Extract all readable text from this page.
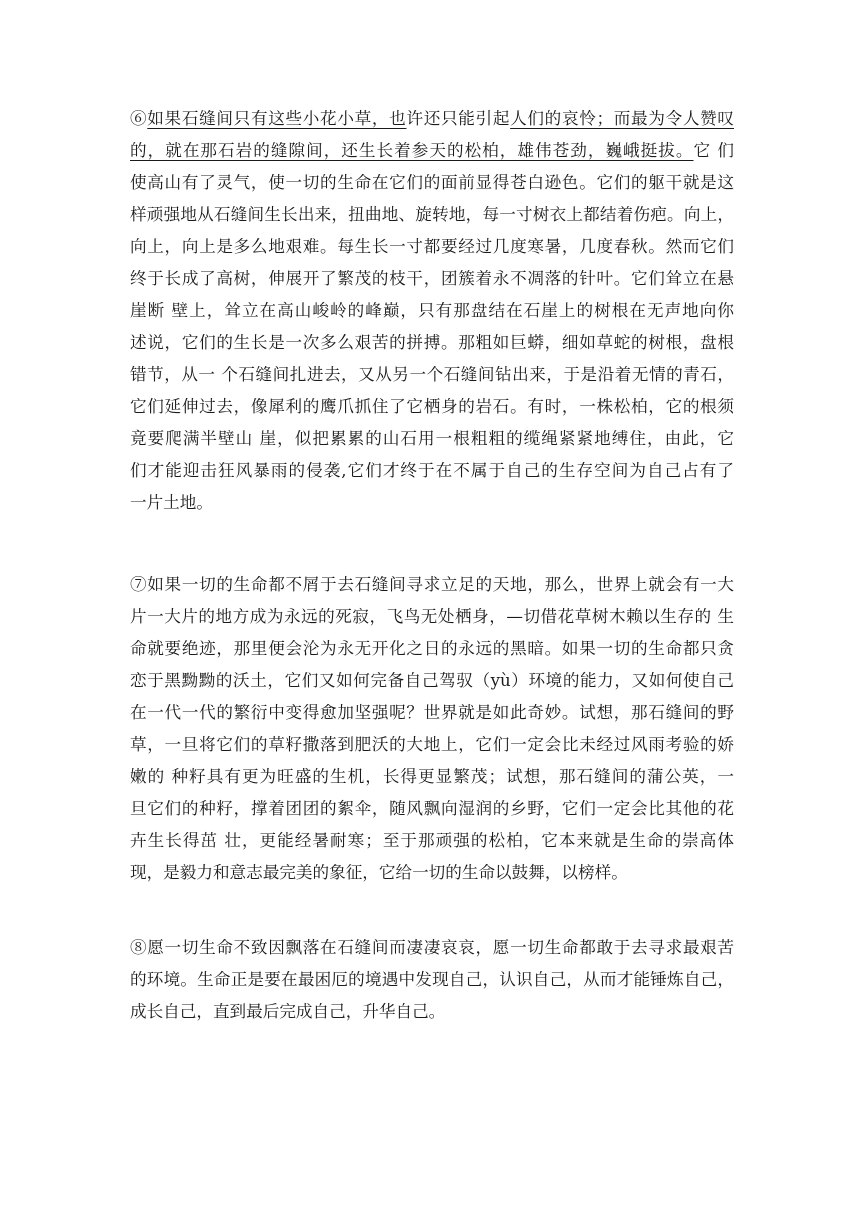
⑥如果石缝间只有这些小花小草，也许还只能引起人们的哀怜；而最为令人赞叹
的，就在那石岩的缝隙间，还生长着参天的松柏，雄伟苍劲，巍峨挺拔。它 们
使高山有了灵气，使一切的生命在它们的面前显得苍白逊色。它们的躯干就是这
样顽强地从石缝间生长出来，扭曲地、旋转地，每一寸树衣上都结着伤疤。向上，
向上，向上是多么地艰难。每生长一寸都要经过几度寒暑，几度春秋。然而它们
终于长成了高树，伸展开了繁茂的枝干，团簇着永不凋落的针叶。它们耸立在悬
崖断 壁上，耸立在高山峻岭的峰巅，只有那盘结在石崖上的树根在无声地向你
述说，它们的生长是一次多么艰苦的拼搏。那粗如巨蟒，细如草蛇的树根，盘根
错节，从一 个石缝间扎进去，又从另一个石缝间钻出来，于是沿着无情的青石，
它们延伸过去，像犀利的鹰爪抓住了它栖身的岩石。有时，一株松柏，它的根须
竟要爬满半壁山 崖，似把累累的山石用一根粗粗的缆绳紧紧地缚住，由此，它
们才能迎击狂风暴雨的侵袭,它们才终于在不属于自己的生存空间为自己占有了
一片土地。
⑦如果一切的生命都不屑于去石缝间寻求立足的天地，那么，世界上就会有一大
片一大片的地方成为永远的死寂，飞鸟无处栖身，—切借花草树木赖以生存的 生
命就要绝迹，那里便会沦为永无开化之日的永远的黑暗。如果一切的生命都只贪
恋于黑黝黝的沃土，它们又如何完备自己驾驭（yù）环境的能力，又如何使自己
在一代一代的繁衍中变得愈加坚强呢？世界就是如此奇妙。试想，那石缝间的野
草，一旦将它们的草籽撒落到肥沃的大地上，它们一定会比未经过风雨考验的娇
嫩的 种籽具有更为旺盛的生机，长得更显繁茂；试想，那石缝间的蒲公英，一
旦它们的种籽，撑着团团的絮伞，随风飘向湿润的乡野，它们一定会比其他的花
卉生长得茁 壮，更能经暑耐寒；至于那顽强的松柏，它本来就是生命的崇高体
现，是毅力和意志最完美的象征，它给一切的生命以鼓舞，以榜样。
⑧愿一切生命不致因飘落在石缝间而凄凄哀哀，愿一切生命都敢于去寻求最艰苦
的环境。生命正是要在最困厄的境遇中发现自己，认识自己，从而才能锤炼自己，
成长自己，直到最后完成自己，升华自己。
